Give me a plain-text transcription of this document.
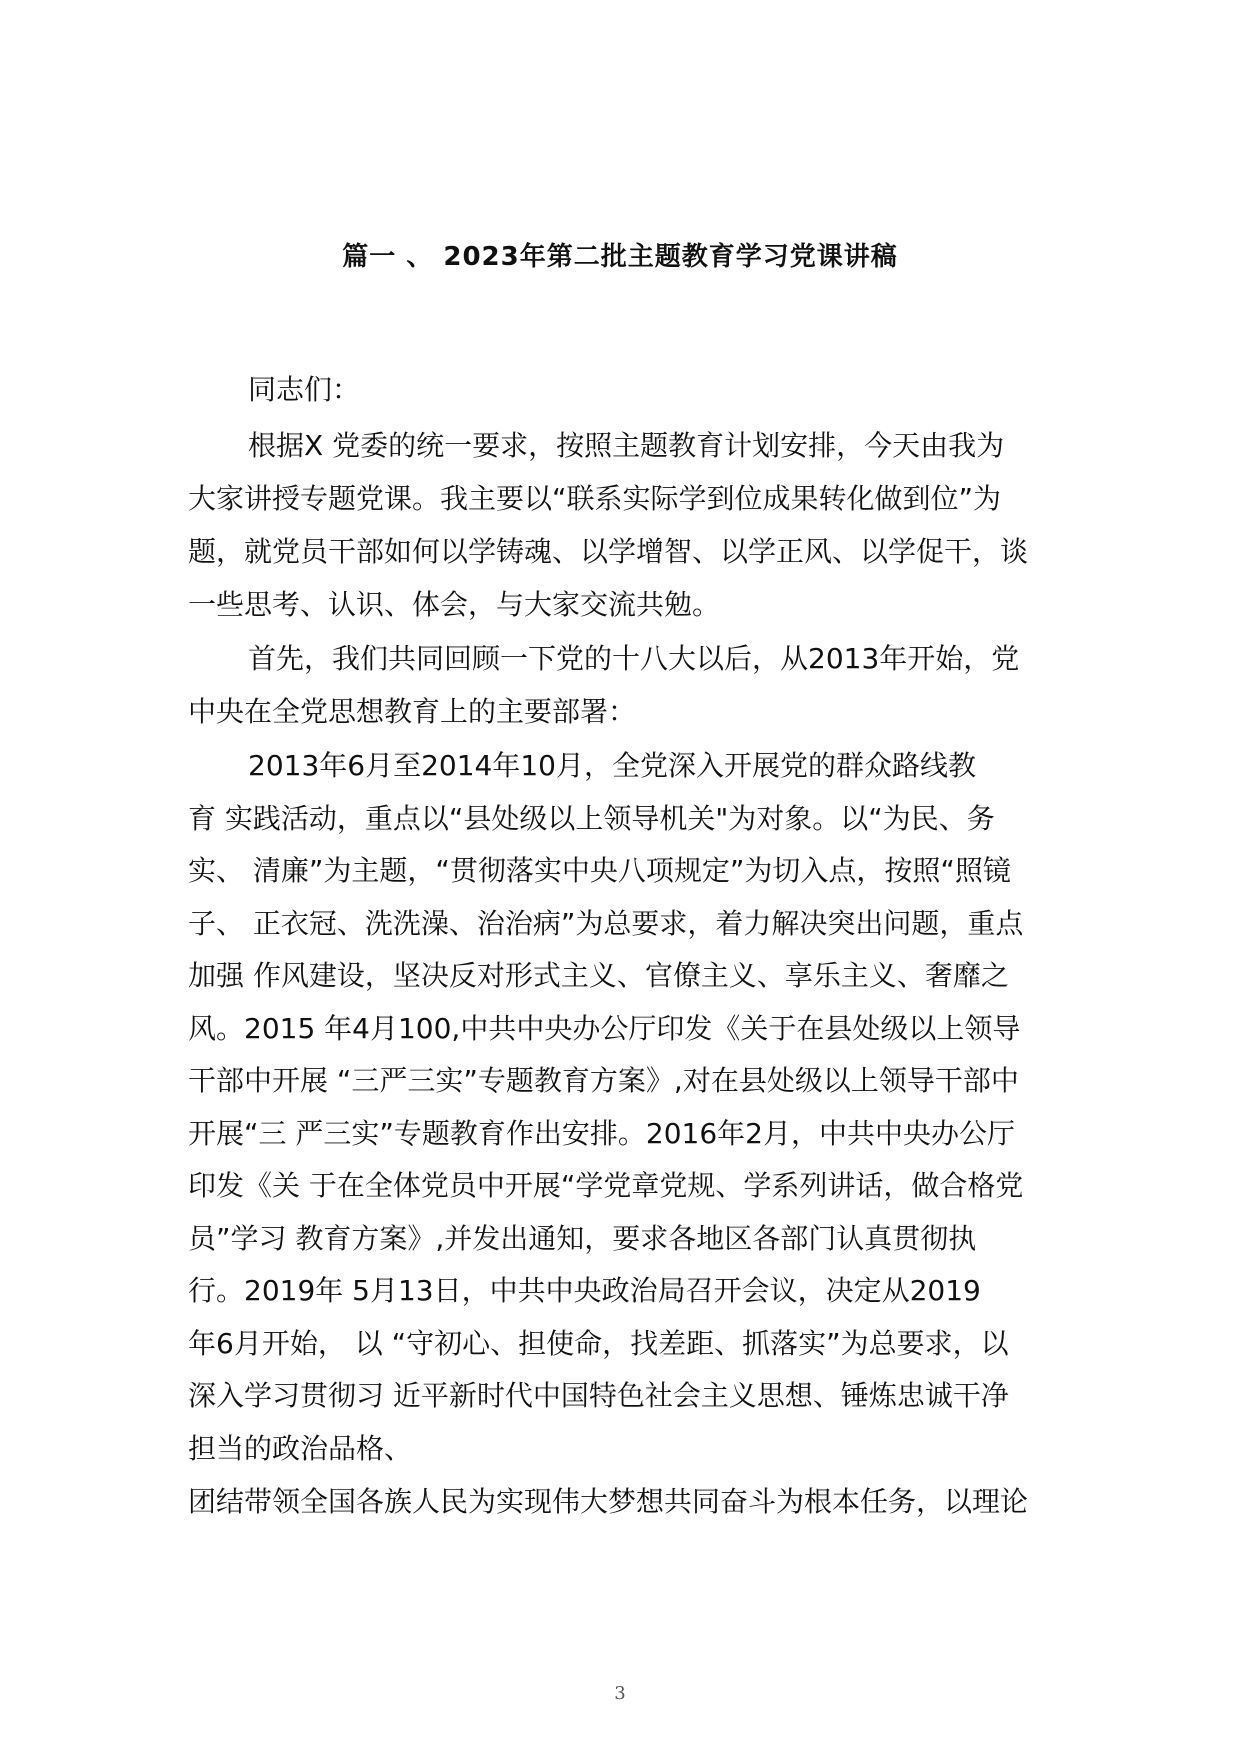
篇一 、 2023年第二批主题教育学习党课讲稿
同志们：
根据X 党委的统一要求，按照主题教育计划安排，今天由我为
大家讲授专题党课。我主要以“联系实际学到位成果转化做到位”为
题，就党员干部如何以学铸魂、以学增智、以学正风、以学促干，谈
一些思考、认识、体会，与大家交流共勉。
首先，我们共同回顾一下党的十八大以后，从2013年开始，党
中央在全党思想教育上的主要部署：
2013年6月至2014年10月，全党深入开展党的群众路线教
育 实践活动，重点以“县处级以上领导机关"为对象。以“为民、务
实、 清廉”为主题，“贯彻落实中央八项规定”为切入点，按照“照镜
子、 正衣冠、洗洗澡、治治病”为总要求，着力解决突出问题，重点
加强 作风建设，坚决反对形式主义、官僚主义、享乐主义、奢靡之
风。2015 年4月100,中共中央办公厅印发《关于在县处级以上领导
干部中开展 “三严三实”专题教育方案》,对在县处级以上领导干部中
开展“三 严三实”专题教育作出安排。2016年2月，中共中央办公厅
印发《关 于在全体党员中开展“学党章党规、学系列讲话，做合格党
员”学习 教育方案》,并发出通知，要求各地区各部门认真贯彻执
行。2019年 5月13日，中共中央政治局召开会议，决定从2019
年6月开始， 以 “守初心、担使命，找差距、抓落实”为总要求，以
深入学习贯彻习 近平新时代中国特色社会主义思想、锤炼忠诚干净
担当的政治品格、
团结带领全国各族人民为实现伟大梦想共同奋斗为根本任务，以理论
3
